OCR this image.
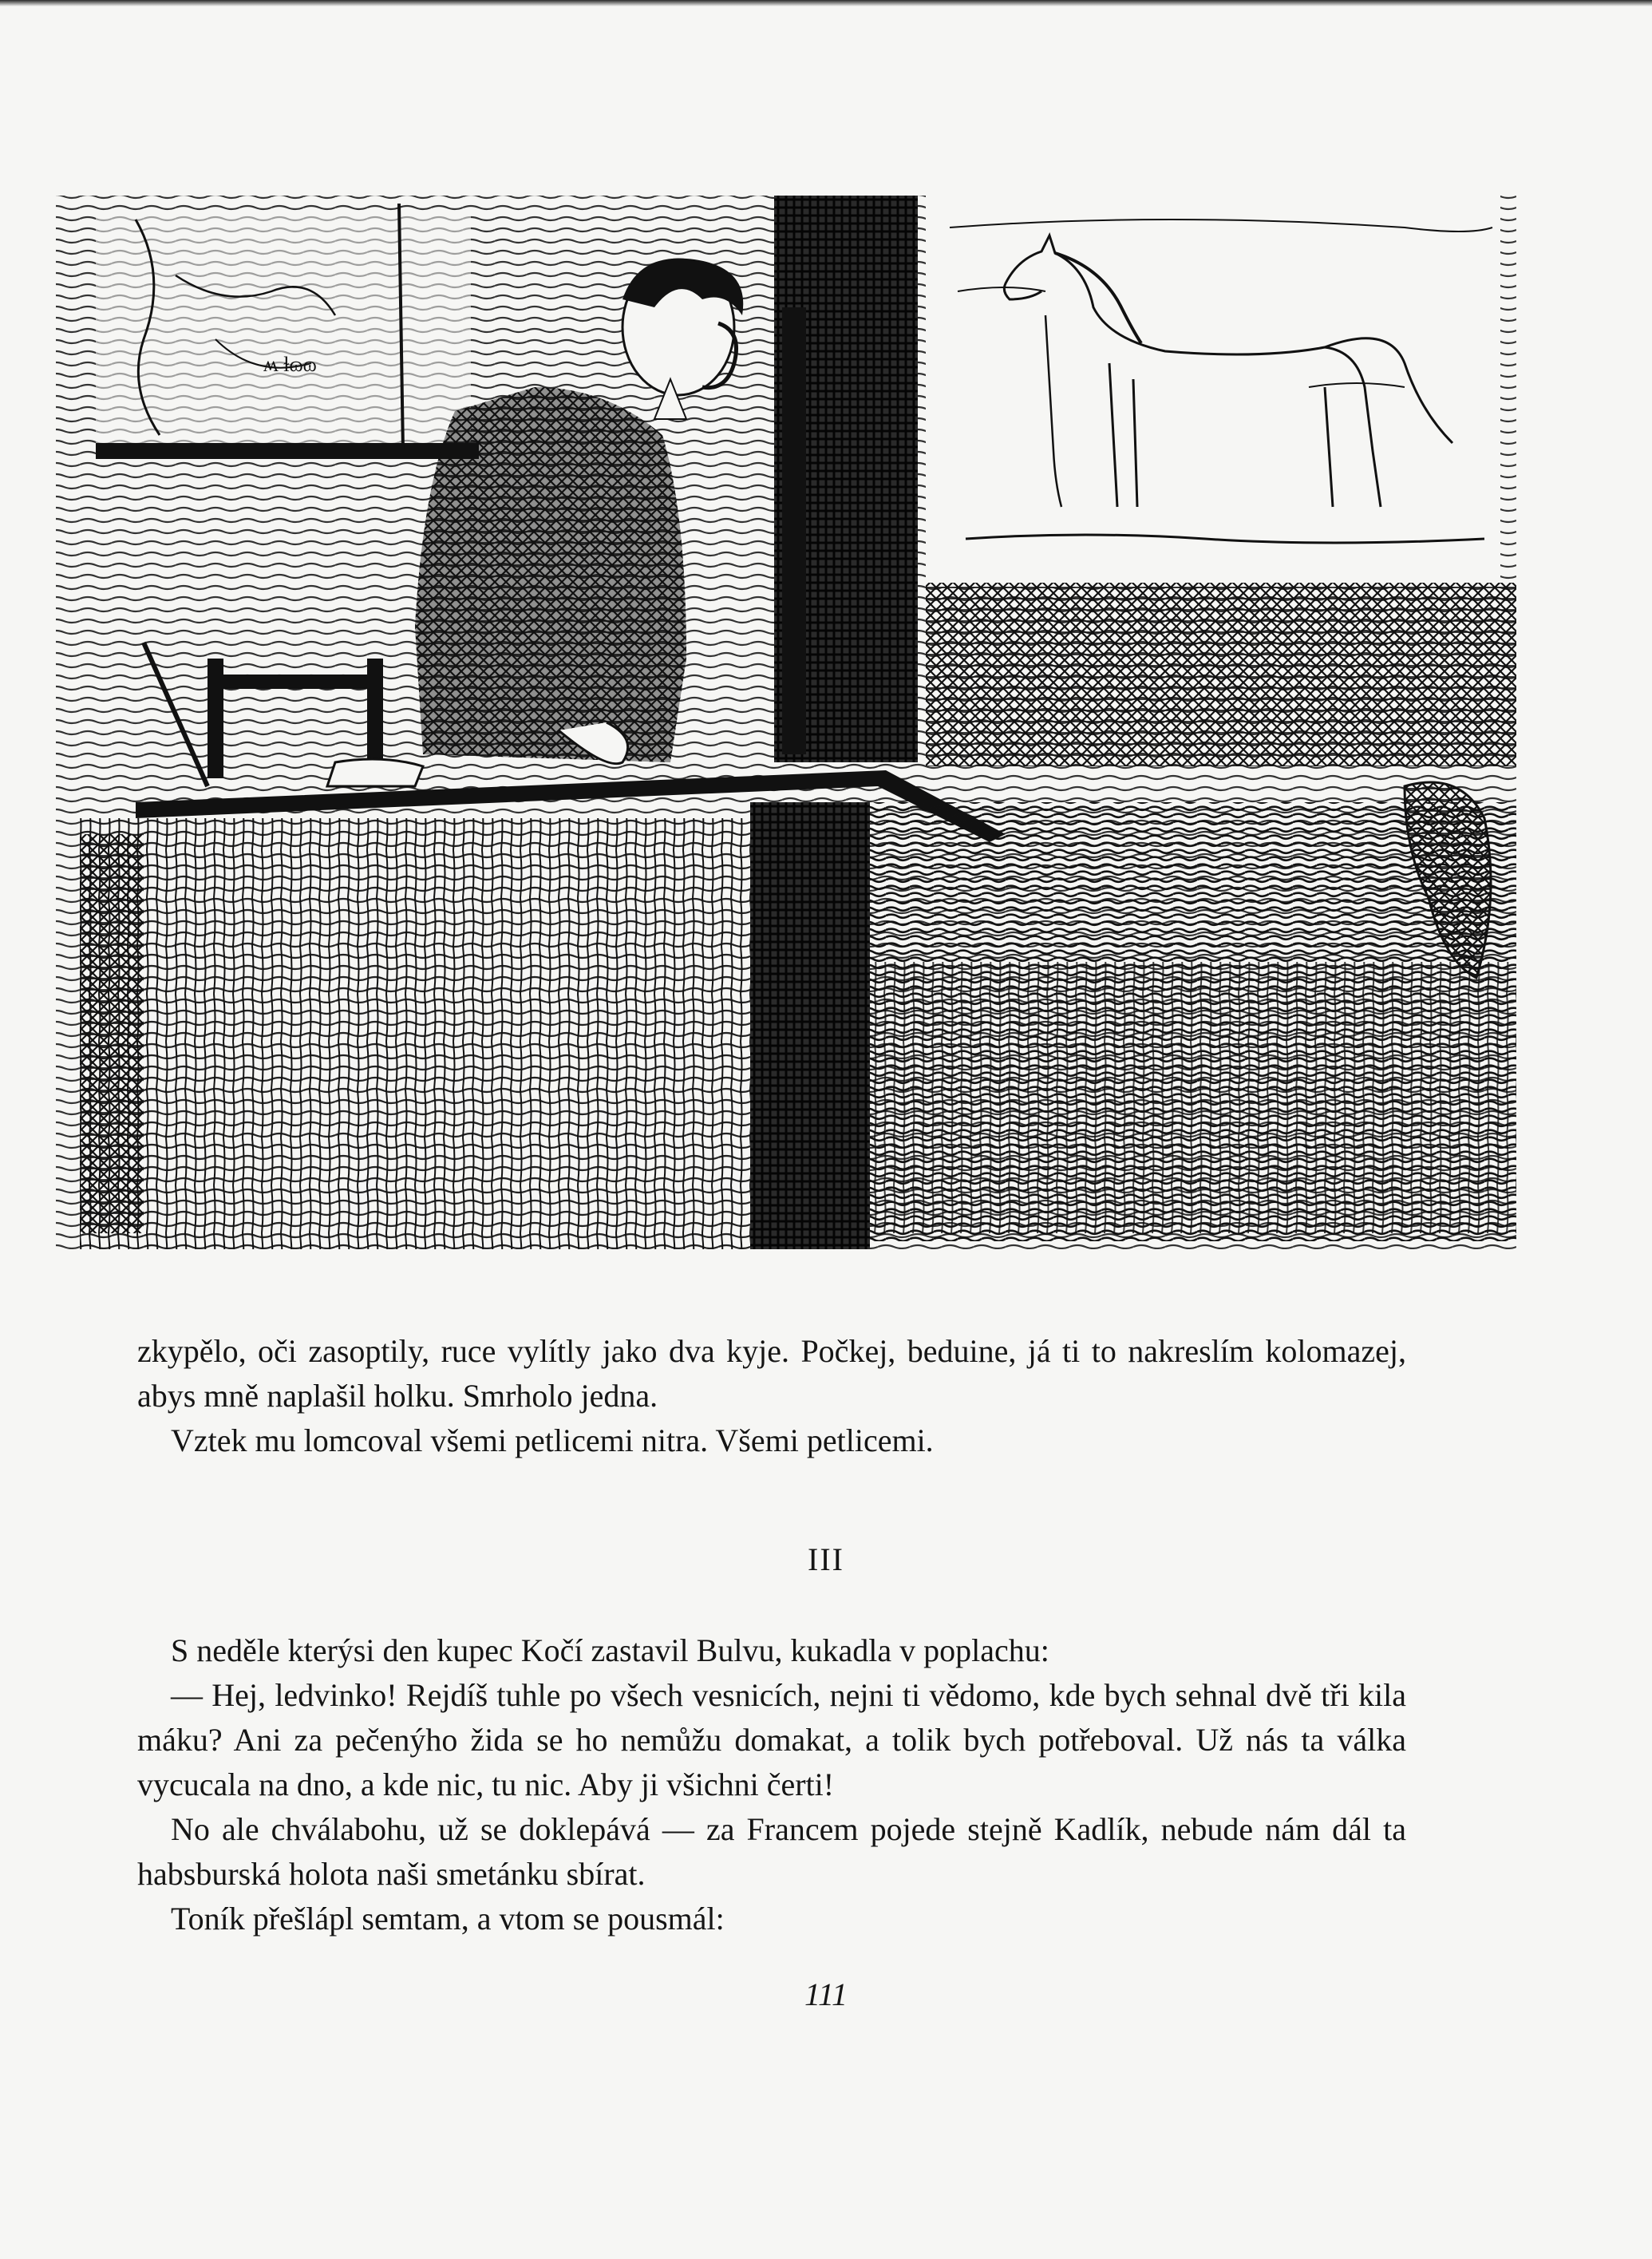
ʍ ɫɷɷ

zkypělo, oči zasoptily, ruce vylítly jako dva kyje. Počkej, beduine, já ti to nakreslím kolomazej, abys mně naplašil holku. Smrholo jedna.

Vztek mu lomcoval všemi petlicemi nitra. Všemi petlicemi.

III

S neděle kterýsi den kupec Kočí zastavil Bulvu, kukadla v poplachu:

— Hej, ledvinko! Rejdíš tuhle po všech vesnicích, nejni ti vědomo, kde bych sehnal dvě tři kila máku? Ani za pečenýho žida se ho nemůžu domakat, a tolik bych potřeboval. Už nás ta válka vycucala na dno, a kde nic, tu nic. Aby ji všichni čerti!

No ale chválabohu, už se doklepává — za Francem pojede stejně Kadlík, nebude nám dál ta habsburská holota naši smetánku sbírat.

Toník přešlápl semtam, a vtom se pousmál:

111
